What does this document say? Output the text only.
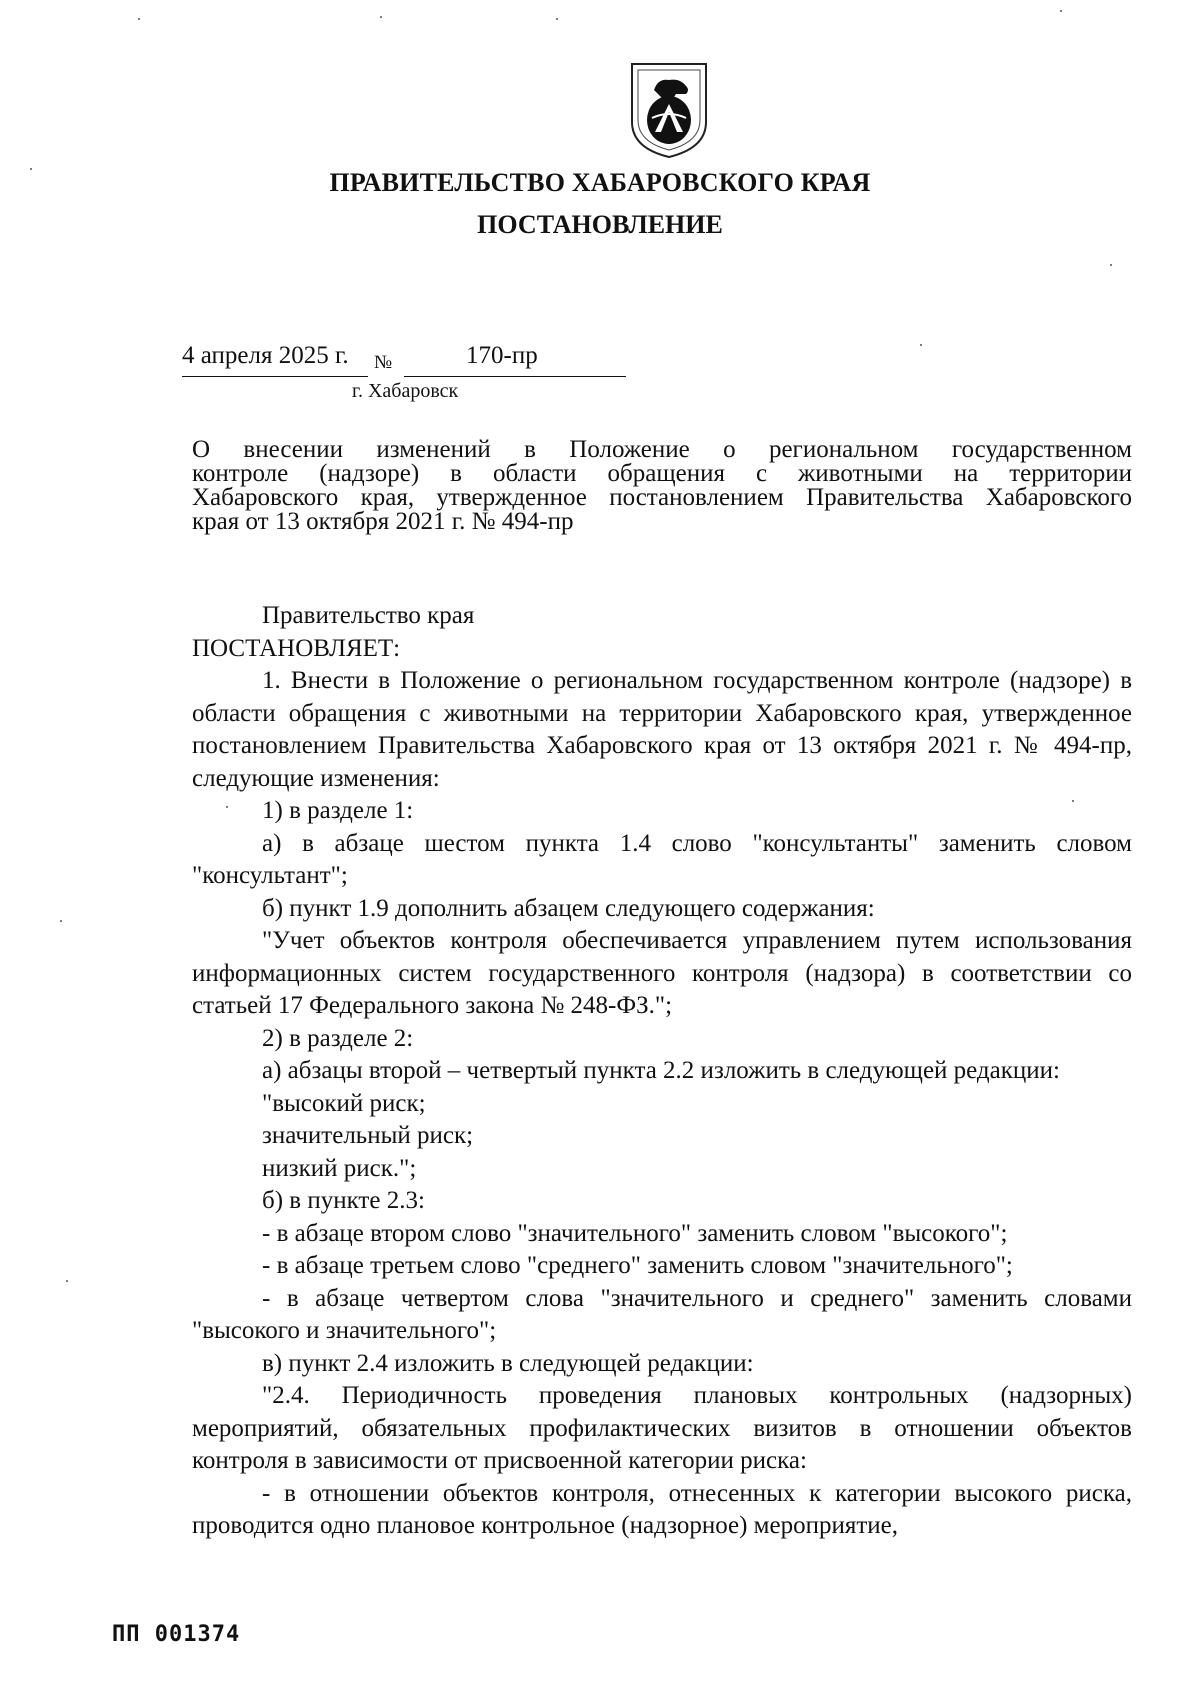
ПРАВИТЕЛЬСТВО ХАБАРОВСКОГО КРАЯ
ПОСТАНОВЛЕНИЕ
4 апреля 2025 г. №	170-пр
г. Хабаровск
О внесении изменений в Положение о региональном государственном
контроле (надзоре) в области обращения с животными на территории
Хабаровского края, утвержденное постановлением Правительства Хабаровского
края от 13 октября 2021 г. № 494-пр

Правительство края

ПОСТАНОВЛЯЕТ:

1. Внести в Положение о региональном государственном контроле (надзоре) в области обращения с животными на территории Хабаровского края, утвержденное постановлением Правительства Хабаровского края от 13 октября 2021 г. № 494-пр, следующие изменения:

1) в разделе 1:

а) в абзаце шестом пункта 1.4 слово "консультанты" заменить словом "консультант";

б) пункт 1.9 дополнить абзацем следующего содержания:

"Учет объектов контроля обеспечивается управлением путем использования информационных систем государственного контроля (надзора) в соответствии со статьей 17 Федерального закона № 248-ФЗ.";

2) в разделе 2:

а) абзацы второй – четвертый пункта 2.2 изложить в следующей редакции:

"высокий риск;

значительный риск;

низкий риск.";

б) в пункте 2.3:

- в абзаце втором слово "значительного" заменить словом "высокого";

- в абзаце третьем слово "среднего" заменить словом "значительного";

- в абзаце четвертом слова "значительного и среднего" заменить словами "высокого и значительного";

в) пункт 2.4 изложить в следующей редакции:

"2.4. Периодичность проведения плановых контрольных (надзорных) мероприятий, обязательных профилактических визитов в отношении объектов контроля в зависимости от присвоенной категории риска:

- в отношении объектов контроля, отнесенных к категории высокого риска, проводится одно плановое контрольное (надзорное) мероприятие,

ПП 001374
